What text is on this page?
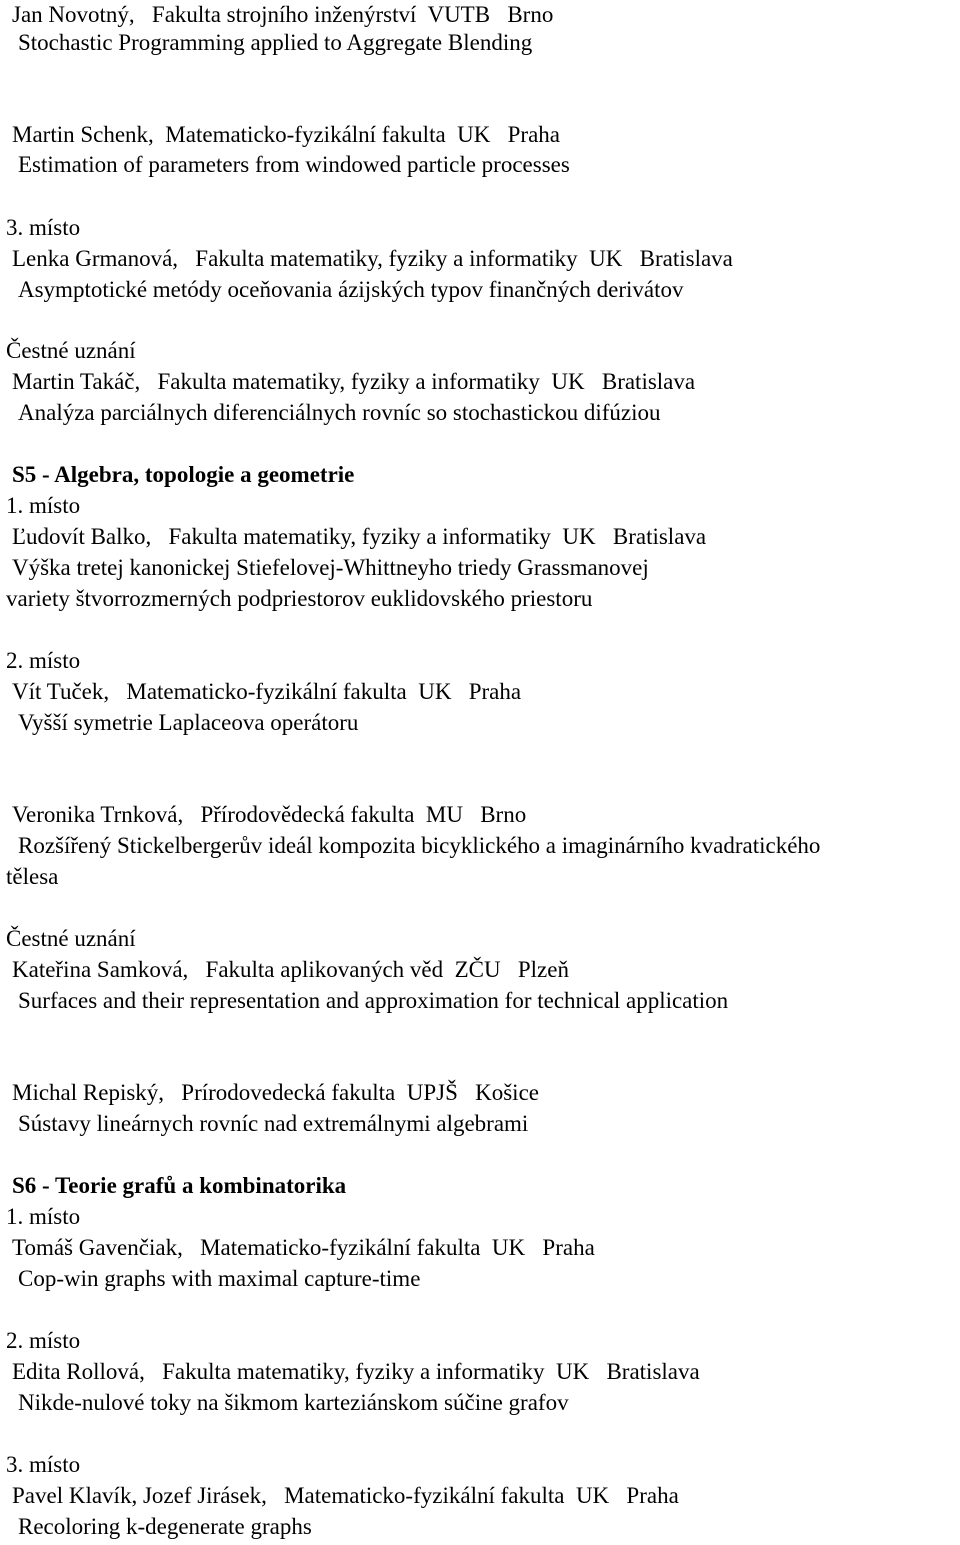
Jan Novotný,   Fakulta strojního inženýrství  VUTB   Brno
Stochastic Programming applied to Aggregate Blending
Martin Schenk,  Matematicko-fyzikální fakulta  UK   Praha
Estimation of parameters from windowed particle processes
3. místo
Lenka Grmanová,   Fakulta matematiky, fyziky a informatiky  UK   Bratislava
Asymptotické metódy oceňovania ázijských typov finančných derivátov
Čestné uznání
Martin Takáč,   Fakulta matematiky, fyziky a informatiky  UK   Bratislava
Analýza parciálnych diferenciálnych rovníc so stochastickou difúziou
S5 - Algebra, topologie a geometrie
1. místo
Ľudovít Balko,   Fakulta matematiky, fyziky a informatiky  UK   Bratislava
Výška tretej kanonickej Stiefelovej-Whittneyho triedy Grassmanovej
variety štvorrozmerných podpriestorov euklidovského priestoru
2. místo
Vít Tuček,   Matematicko-fyzikální fakulta  UK   Praha
Vyšší symetrie Laplaceova operátoru
Veronika Trnková,   Přírodovědecká fakulta  MU   Brno
Rozšířený Stickelbergerův ideál kompozita bicyklického a imaginárního kvadratického
tělesa
Čestné uznání
Kateřina Samková,   Fakulta aplikovaných věd  ZČU   Plzeň
Surfaces and their representation and approximation for technical application
Michal Repiský,   Prírodovedecká fakulta  UPJŠ   Košice
Sústavy lineárnych rovníc nad extremálnymi algebrami
S6 - Teorie grafů a kombinatorika
1. místo
Tomáš Gavenčiak,   Matematicko-fyzikální fakulta  UK   Praha
Cop-win graphs with maximal capture-time
2. místo
Edita Rollová,   Fakulta matematiky, fyziky a informatiky  UK   Bratislava
Nikde-nulové toky na šikmom karteziánskom súčine grafov
3. místo
Pavel Klavík, Jozef Jirásek,   Matematicko-fyzikální fakulta  UK   Praha
Recoloring k-degenerate graphs
